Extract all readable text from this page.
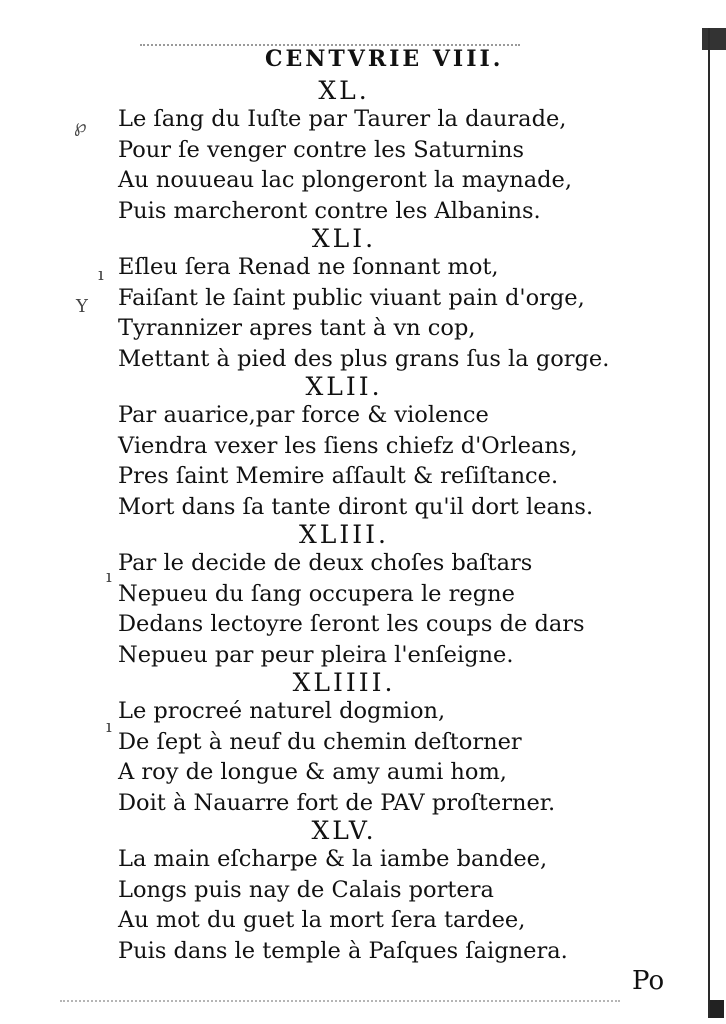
CENTVRIE VIII.
℘
ı
Y
ı
ı
XL.
Le ſang du Iuſte par Taurer la daurade,
Pour ſe venger contre les Saturnins
Au nouueau lac plongeront la maynade,
Puis marcheront contre les Albanins.
XLI.
Eſleu ſera Renad ne ſonnant mot,
Faiſant le ſaint public viuant pain d'orge,
Tyrannizer apres tant à vn cop,
Mettant à pied des plus grans ſus la gorge.
XLII.
Par auarice,par force & violence
Viendra vexer les ſiens chiefz d'Orleans,
Pres ſaint Memire aſſault & reſiſtance.
Mort dans ſa tante diront qu'il dort leans.
XLIII.
Par le decide de deux choſes baſtars
Nepueu du ſang occupera le regne
Dedans lectoyre ſeront les coups de dars
Nepueu par peur pleira l'enſeigne.
XLIIII.
Le procreé naturel dogmion,
De ſept à neuf du chemin deſtorner
A roy de longue & amy aumi hom,
Doit à Nauarre fort de PAV proſterner.
XLV.
La main eſcharpe & la iambe bandee,
Longs puis nay de Calais portera
Au mot du guet la mort ſera tardee,
Puis dans le temple à Paſques ſaignera.
Po
